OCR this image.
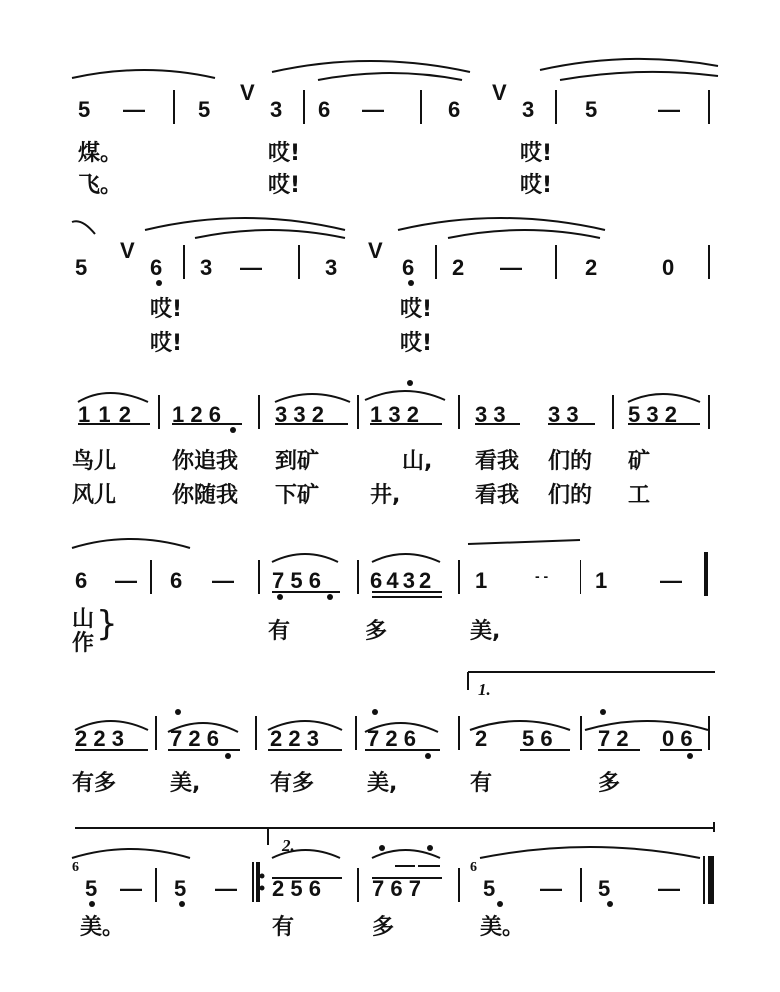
5 — 5
V
3 6 —	6
V
3 5	—
煤。	哎!	哎!
飞。	哎!	哎!
5
V
6 3 —	3
V
6 2 —	2	0
哎!	哎!
哎!	哎!
1 1 2 1 2 6 3 3 2 1 3 2	3 3 3 3 5 3 2
鸟儿	你追我 到矿	山, 看我 们的 矿
风儿	你随我 下矿 井,	看我 们的 工
6 — 6 — 7 5 6 6 4 3 2 1	- - 1 —
山
作 }	有	多	美,
1.
2 2 3 7 2 6 2 2 3 7 2 6	2 5 6 7 2 0 6
有多 美,	有多 美,	有	多
6
5 — 5 —
2.
2 5 6 7 6 7
6
5 — 5 —
美。	有	多	美。
